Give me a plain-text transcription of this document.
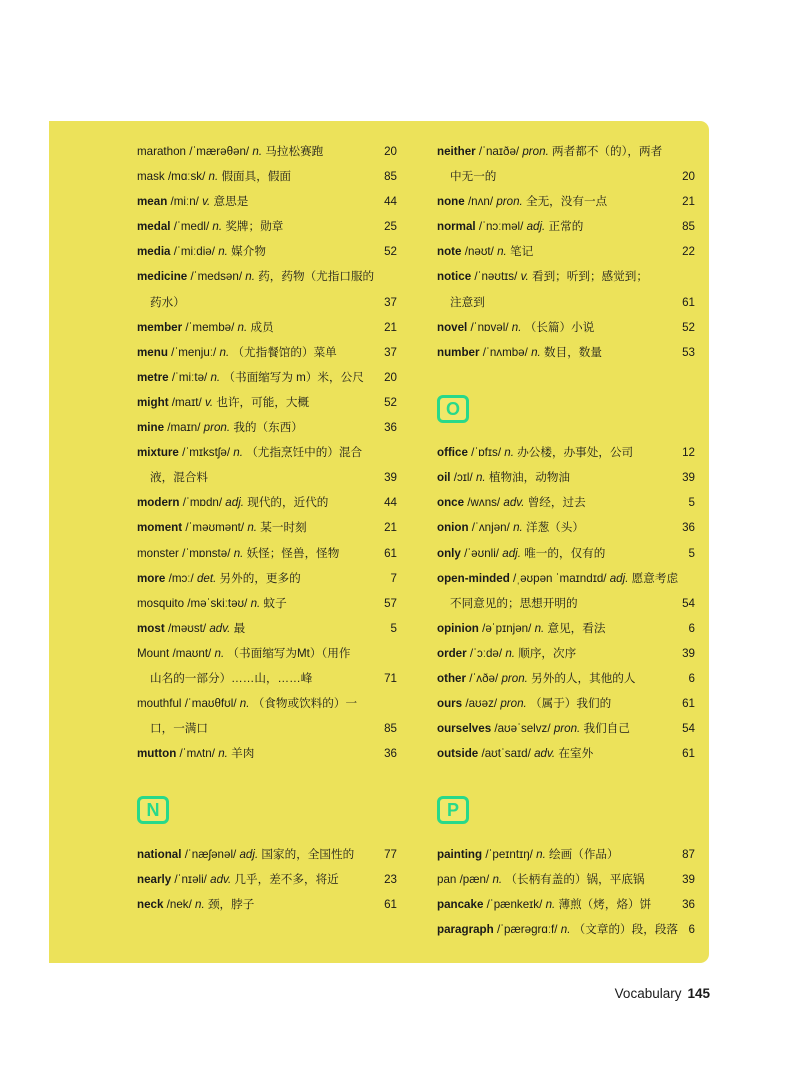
marathon /ˈmærəθən/ n. 马拉松赛跑	20
mask /mɑːsk/ n. 假面具，假面	85
mean /miːn/ v. 意思是	44
medal /ˈmedl/ n. 奖牌；勋章	25
media /ˈmiːdiə/ n. 媒介物	52
medicine /ˈmedsən/ n. 药，药物（尤指口服的
药水）	37
member /ˈmembə/ n. 成员	21
menu /ˈmenjuː/ n. （尤指餐馆的）菜单	37
metre /ˈmiːtə/ n. （书面缩写为 m）米，公尺 20
might /maɪt/ v. 也许，可能，大概	52
mine /maɪn/ pron. 我的（东西）	36
mixture /ˈmɪkstʃə/ n. （尤指烹饪中的）混合
液，混合料	39
modern /ˈmɒdn/ adj. 现代的，近代的	44
moment /ˈməʊmənt/ n. 某一时刻	21
monster /ˈmɒnstə/ n. 妖怪；怪兽，怪物	61
more /mɔː/ det. 另外的，更多的	7
mosquito /məˈskiːtəʊ/ n. 蚊子	57
most /məʊst/ adv. 最	5
Mount /maʊnt/ n. （书面缩写为Mt）（用作
山名的一部分）……山，……峰	71
mouthful /ˈmaʊθfʊl/ n. （食物或饮料的）一
口，一满口	85
mutton /ˈmʌtn/ n. 羊肉	36
N
national /ˈnæʃənəl/ adj. 国家的，全国性的	77
nearly /ˈnɪəli/ adv. 几乎，差不多，将近	23
neck /nek/ n. 颈，脖子	61
neither /ˈnaɪðə/ pron. 两者都不（的），两者
中无一的	20
none /nʌn/ pron. 全无，没有一点	21
normal /ˈnɔːməl/ adj. 正常的	85
note /nəʊt/ n. 笔记	22
notice /ˈnəʊtɪs/ v. 看到；听到；感觉到；
注意到	61
novel /ˈnɒvəl/ n. （长篇）小说	52
number /ˈnʌmbə/ n. 数目，数量	53
O
office /ˈɒfɪs/ n. 办公楼，办事处，公司	12
oil /ɔɪl/ n. 植物油，动物油	39
once /wʌns/ adv. 曾经，过去	5
onion /ˈʌnjən/ n. 洋葱（头）	36
only /ˈəʊnli/ adj. 唯一的，仅有的	5
open-minded /ˌəʊpən ˈmaɪndɪd/ adj. 愿意考虑
不同意见的；思想开明的	54
opinion /əˈpɪnjən/ n. 意见，看法	6
order /ˈɔːdə/ n. 顺序，次序	39
other /ˈʌðə/ pron. 另外的人，其他的人	6
ours /aʊəz/ pron. （属于）我们的	61
ourselves /aʊəˈselvz/ pron. 我们自己	54
outside /aʊtˈsaɪd/ adv. 在室外	61
P
painting /ˈpeɪntɪŋ/ n. 绘画（作品）	87
pan /pæn/ n. （长柄有盖的）锅，平底锅	39
pancake /ˈpænkeɪk/ n. 薄煎（烤，烙）饼	36
paragraph /ˈpærəɡrɑːf/ n. （文章的）段，段落 6
Vocabulary 145
